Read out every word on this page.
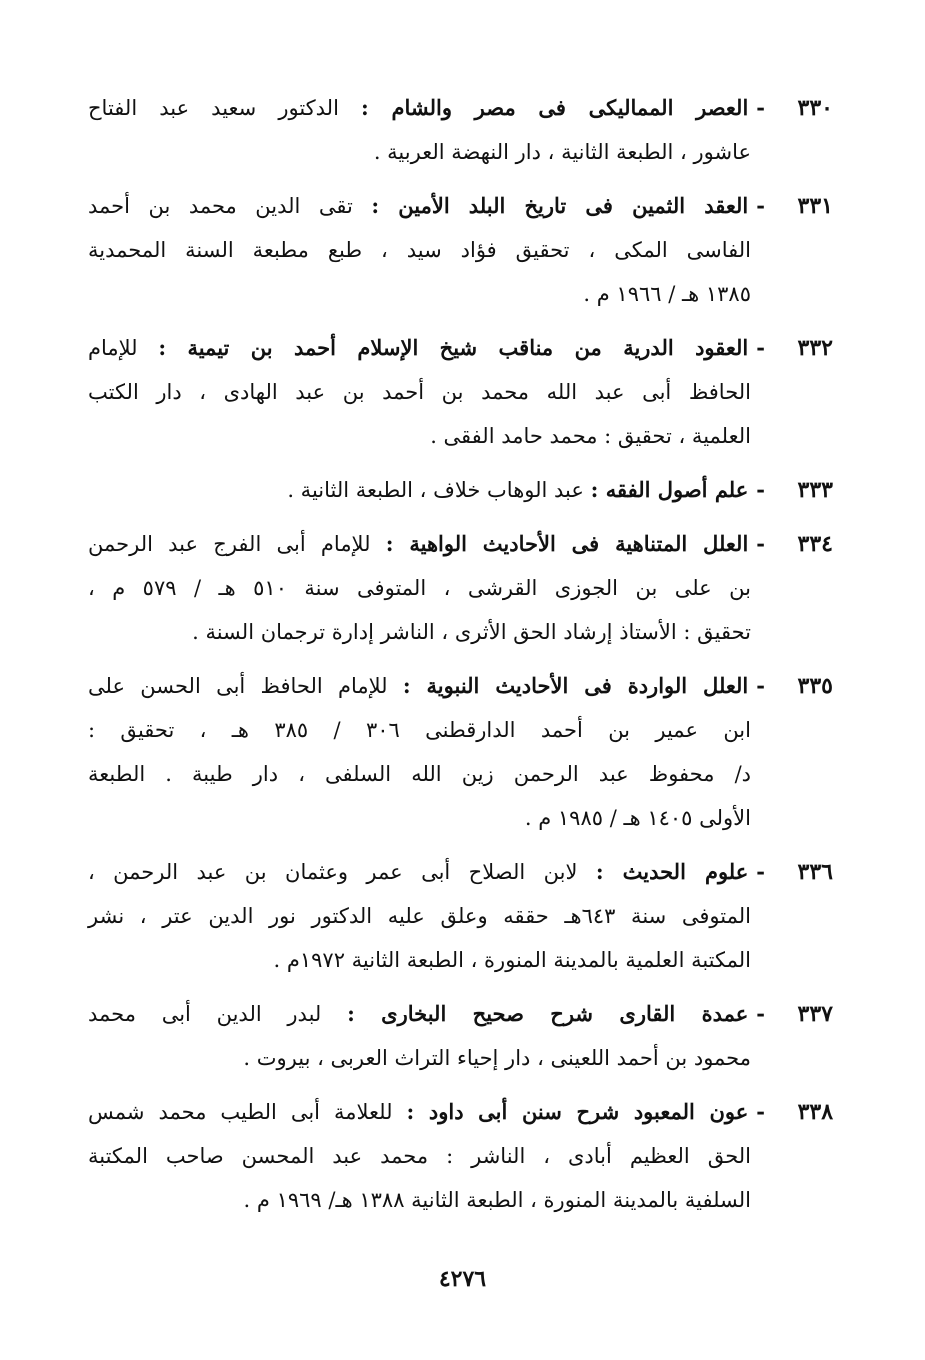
٣٣٠-العصر المماليكى فى مصر والشام : الدكتور سعيد عبد الفتاح
عاشور ، الطبعة الثانية ، دار النهضة العربية .
٣٣١-العقد الثمين فى تاريخ البلد الأمين : تقى الدين محمد بن أحمد
الفاسى المكى ، تحقيق فؤاد سيد ، طبع مطبعة السنة المحمدية
١٣٨٥ هـ / ١٩٦٦ م .
٣٣٢-العقود الدرية من مناقب شيخ الإسلام أحمد بن تيمية : للإمام
الحافظ أبى عبد الله محمد بن أحمد بن عبد الهادى ، دار الكتب
العلمية ، تحقيق : محمد حامد الفقى .
٣٣٣-علم أصول الفقه : عبد الوهاب خلاف ، الطبعة الثانية .
٣٣٤-العلل المتناهية فى الأحاديث الواهية : للإمام أبى الفرج عبد الرحمن
بن على بن الجوزى القرشى ، المتوفى سنة ٥١٠ هـ / ٥٧٩ م ،
تحقيق : الأستاذ إرشاد الحق الأثرى ، الناشر إدارة ترجمان السنة .
٣٣٥-العلل الواردة فى الأحاديث النبوية : للإمام الحافظ أبى الحسن على
ابن عمير بن أحمد الدارقطنى ٣٠٦ / ٣٨٥ هـ ، تحقيق :
د/ محفوظ عبد الرحمن زين الله السلفى ، دار طيبة . الطبعة
الأولى ١٤٠٥ هـ / ١٩٨٥ م .
٣٣٦-علوم الحديث : لابن الصلاح أبى عمر وعثمان بن عبد الرحمن ،
المتوفى سنة ٦٤٣هـ حققه وعلق عليه الدكتور نور الدين عتر ، نشر
المكتبة العلمية بالمدينة المنورة ، الطبعة الثانية ١٩٧٢م .
٣٣٧-عمدة القارى شرح صحيح البخارى : لبدر الدين أبى محمد
محمود بن أحمد اللعينى ، دار إحياء التراث العربى ، بيروت .
٣٣٨-عون المعبود شرح سنن أبى داود : للعلامة أبى الطيب محمد شمس
الحق العظيم أبادى ، الناشر : محمد عبد المحسن صاحب المكتبة
السلفية بالمدينة المنورة ، الطبعة الثانية ١٣٨٨ هـ/ ١٩٦٩ م .
٤٢٧٦
